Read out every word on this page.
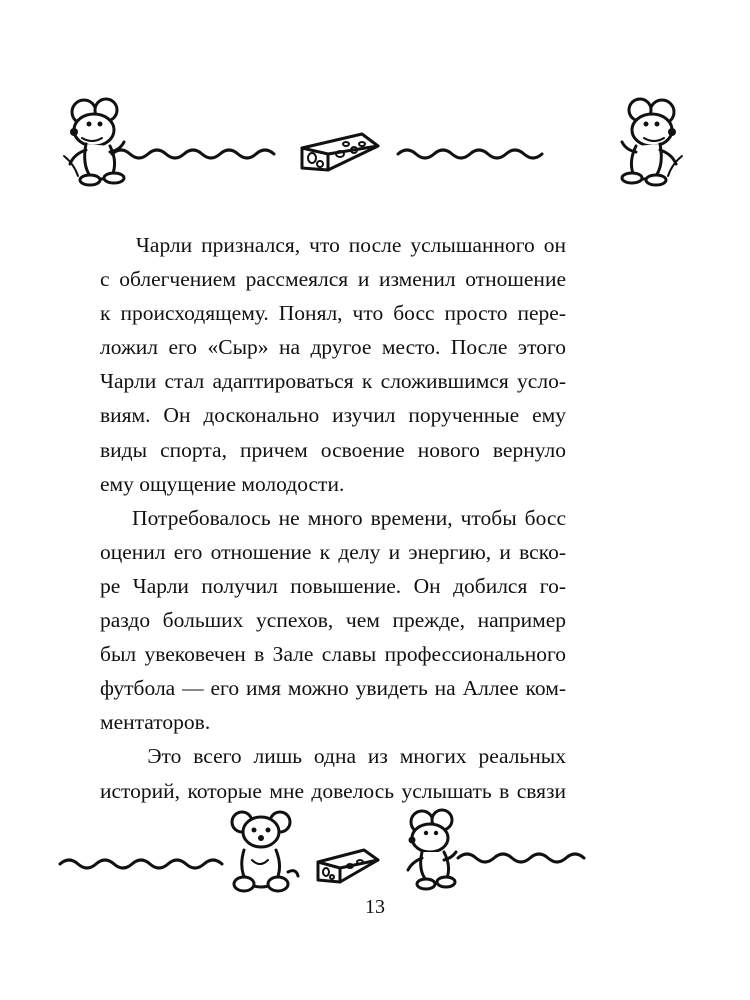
Чарли признался, что после услышанного он
с облегчением рассмеялся и изменил отношение
к происходящему. Понял, что босс просто пере-
ложил его «Сыр» на другое место. После этого
Чарли стал адаптироваться к сложившимся усло-
виям. Он досконально изучил порученные ему
виды спорта, причем освоение нового вернуло
ему ощущение молодости.

Потребовалось не много времени, чтобы босс
оценил его отношение к делу и энергию, и вско-
ре Чарли получил повышение. Он добился го-
раздо больших успехов, чем прежде, например
был увековечен в Зале славы профессионального
футбола — его имя можно увидеть на Аллее ком-
ментаторов.

Это всего лишь одна из многих реальных
историй, которые мне довелось услышать в связи

13
